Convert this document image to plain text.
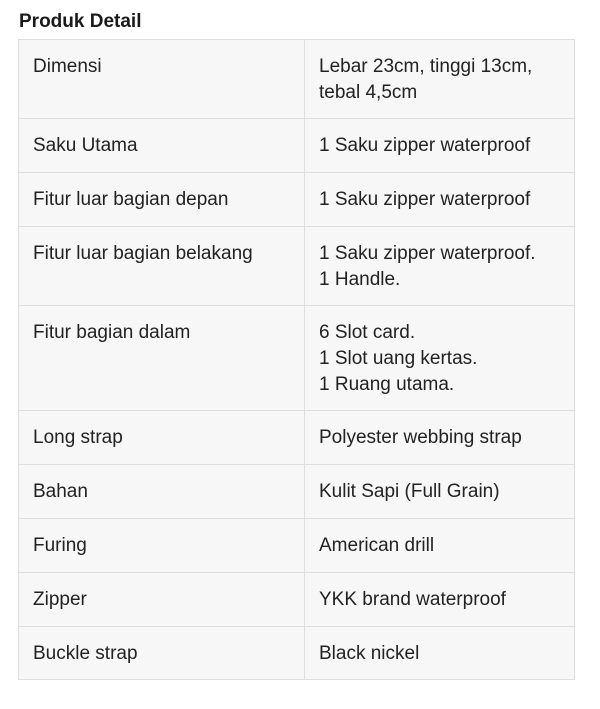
Produk Detail
Dimensi	Lebar 23cm, tinggi 13cm,
tebal 4,5cm

Saku Utama	1 Saku zipper waterproof

Fitur luar bagian depan	1 Saku zipper waterproof

Fitur luar bagian belakang	1 Saku zipper waterproof.
1 Handle.

Fitur bagian dalam	6 Slot card.
1 Slot uang kertas.
1 Ruang utama.

Long strap	Polyester webbing strap

Bahan	Kulit Sapi (Full Grain)

Furing	American drill

Zipper	YKK brand waterproof

Buckle strap	Black nickel
